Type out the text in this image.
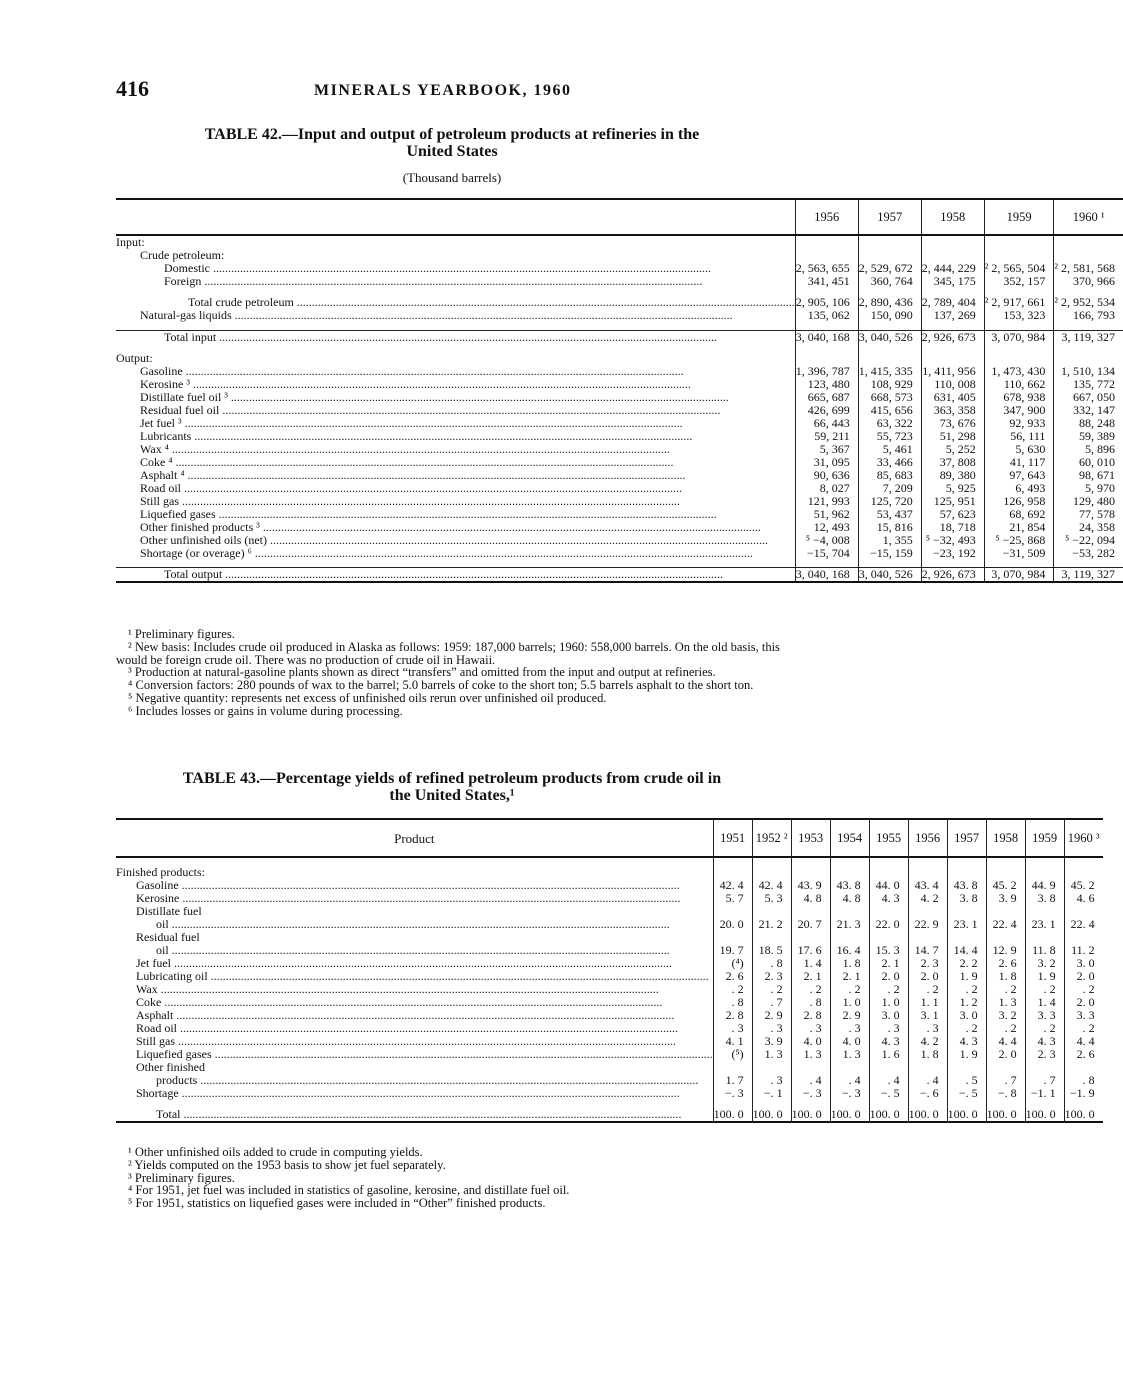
416	MINERALS YEARBOOK, 1960
TABLE 42.—Input and output of petroleum products at refineries in the
United States
(Thousand barrels)
	1956	1957	1958	1959	1960 ¹
Input:					
Crude petroleum:					
Domestic .....	2, 563, 655	2, 529, 672	2, 444, 229	² 2, 565, 504	² 2, 581, 568
Foreign .....	341, 451	360, 764	345, 175	352, 157	370, 966

Total crude petroleum .....	2, 905, 106	2, 890, 436	2, 789, 404	² 2, 917, 661	² 2, 952, 534
Natural-gas liquids .....	135, 062	150, 090	137, 269	153, 323	166, 793

Total input .....	3, 040, 168	3, 040, 526	2, 926, 673	3, 070, 984	3, 119, 327

Output:					
Gasoline .....	1, 396, 787	1, 415, 335	1, 411, 956	1, 473, 430	1, 510, 134
Kerosine ³ .....	123, 480	108, 929	110, 008	110, 662	135, 772
Distillate fuel oil ³ .....	665, 687	668, 573	631, 405	678, 938	667, 050
Residual fuel oil .....	426, 699	415, 656	363, 358	347, 900	332, 147
Jet fuel ³ .....	66, 443	63, 322	73, 676	92, 933	88, 248
Lubricants .....	59, 211	55, 723	51, 298	56, 111	59, 389
Wax ⁴ .....	5, 367	5, 461	5, 252	5, 630	5, 896
Coke ⁴ .....	31, 095	33, 466	37, 808	41, 117	60, 010
Asphalt ⁴ .....	90, 636	85, 683	89, 380	97, 643	98, 671
Road oil .....	8, 027	7, 209	5, 925	6, 493	5, 970
Still gas .....	121, 993	125, 720	125, 951	126, 958	129, 480
Liquefied gases .....	51, 962	53, 437	57, 623	68, 692	77, 578
Other finished products ³ .....	12, 493	15, 816	18, 718	21, 854	24, 358
Other unfinished oils (net) .....	⁵ −4, 008	1, 355	⁵ −32, 493	⁵ −25, 868	⁵ −22, 094
Shortage (or overage) ⁶ .....	−15, 704	−15, 159	−23, 192	−31, 509	−53, 282

Total output .....	3, 040, 168	3, 040, 526	2, 926, 673	3, 070, 984	3, 119, 327
¹ Preliminary figures.
² New basis: Includes crude oil produced in Alaska as follows: 1959: 187,000 barrels; 1960: 558,000 barrels. On the old basis, this would be foreign crude oil. There was no production of crude oil in Hawaii.
³ Production at natural-gasoline plants shown as direct “transfers” and omitted from the input and output at refineries.
⁴ Conversion factors: 280 pounds of wax to the barrel; 5.0 barrels of coke to the short ton; 5.5 barrels asphalt to the short ton.
⁵ Negative quantity: represents net excess of unfinished oils rerun over unfinished oil produced.
⁶ Includes losses or gains in volume during processing.
TABLE 43.—Percentage yields of refined petroleum products from crude oil in
the United States,¹
Product	1951	1952 ²	1953	1954	1955	1956	1957	1958	1959	1960 ³
Finished products:										
Gasoline .....	42. 4	42. 4	43. 9	43. 8	44. 0	43. 4	43. 8	45. 2	44. 9	45. 2
Kerosine .....	5. 7	5. 3	4. 8	4. 8	4. 3	4. 2	3. 8	3. 9	3. 8	4. 6
Distillate fuel										
oil .....	20. 0	21. 2	20. 7	21. 3	22. 0	22. 9	23. 1	22. 4	23. 1	22. 4
Residual fuel										
oil .....	19. 7	18. 5	17. 6	16. 4	15. 3	14. 7	14. 4	12. 9	11. 8	11. 2
Jet fuel .....	(⁴)	. 8	1. 4	1. 8	2. 1	2. 3	2. 2	2. 6	3. 2	3. 0
Lubricating oil .....	2. 6	2. 3	2. 1	2. 1	2. 0	2. 0	1. 9	1. 8	1. 9	2. 0
Wax .....	. 2	. 2	. 2	. 2	. 2	. 2	. 2	. 2	. 2	. 2
Coke .....	. 8	. 7	. 8	1. 0	1. 0	1. 1	1. 2	1. 3	1. 4	2. 0
Asphalt .....	2. 8	2. 9	2. 8	2. 9	3. 0	3. 1	3. 0	3. 2	3. 3	3. 3
Road oil .....	. 3	. 3	. 3	. 3	. 3	. 3	. 2	. 2	. 2	. 2
Still gas .....	4. 1	3. 9	4. 0	4. 0	4. 3	4. 2	4. 3	4. 4	4. 3	4. 4
Liquefied gases .....	(⁵)	1. 3	1. 3	1. 3	1. 6	1. 8	1. 9	2. 0	2. 3	2. 6
Other finished										
products .....	1. 7	. 3	. 4	. 4	. 4	. 4	. 5	. 7	. 7	. 8
Shortage .....	−. 3	−. 1	−. 3	−. 3	−. 5	−. 6	−. 5	−. 8	−1. 1	−1. 9

Total .....	100. 0	100. 0	100. 0	100. 0	100. 0	100. 0	100. 0	100. 0	100. 0	100. 0
¹ Other unfinished oils added to crude in computing yields.
² Yields computed on the 1953 basis to show jet fuel separately.
³ Preliminary figures.
⁴ For 1951, jet fuel was included in statistics of gasoline, kerosine, and distillate fuel oil.
⁵ For 1951, statistics on liquefied gases were included in “Other” finished products.
